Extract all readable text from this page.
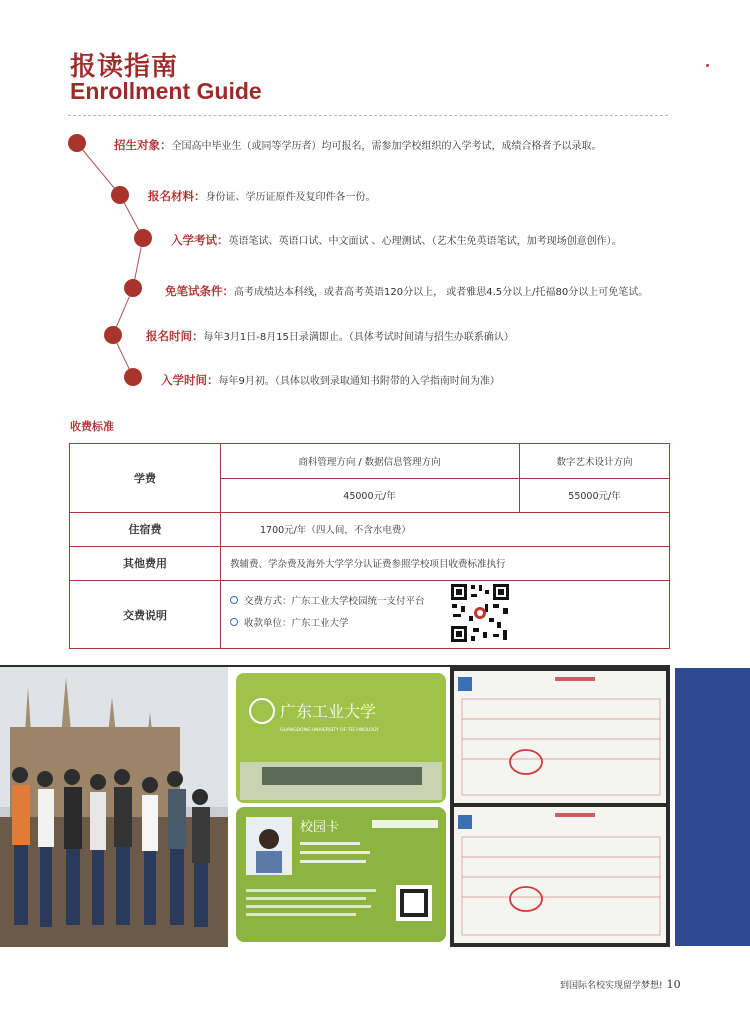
报读指南
Enrollment Guide
招生对象：全国高中毕业生（或同等学历者）均可报名，需参加学校组织的入学考试，成绩合格者予以录取。
报名材料：身份证、学历证原件及复印件各一份。
入学考试：英语笔试、英语口试、中文面试 、心理测试、（艺术生免英语笔试，加考现场创意创作）。
免笔试条件：高考成绩达本科线，或者高考英语120分以上， 或者雅思4.5分以上/托福80分以上可免笔试。
报名时间：每年3月1日-8月15日录满即止。（具体考试时间请与招生办联系确认）
入学时间：每年9月初。（具体以收到录取通知书附带的入学指南时间为准）
收费标准
学费
商科管理方向 / 数据信息管理方向	数字艺术设计方向
45000元/年	55000元/年
住宿费	1700元/年（四人间，不含水电费）
其他费用	教辅费、学杂费及海外大学学分认证费参照学校项目收费标准执行
交费说明
交费方式：广东工业大学校园统一支付平台
收款单位：广东工业大学
广东工业大学
GUANGDONG UNIVERSITY OF TECHNOLOGY
校园卡
到国际名校实现留学梦想! 10
